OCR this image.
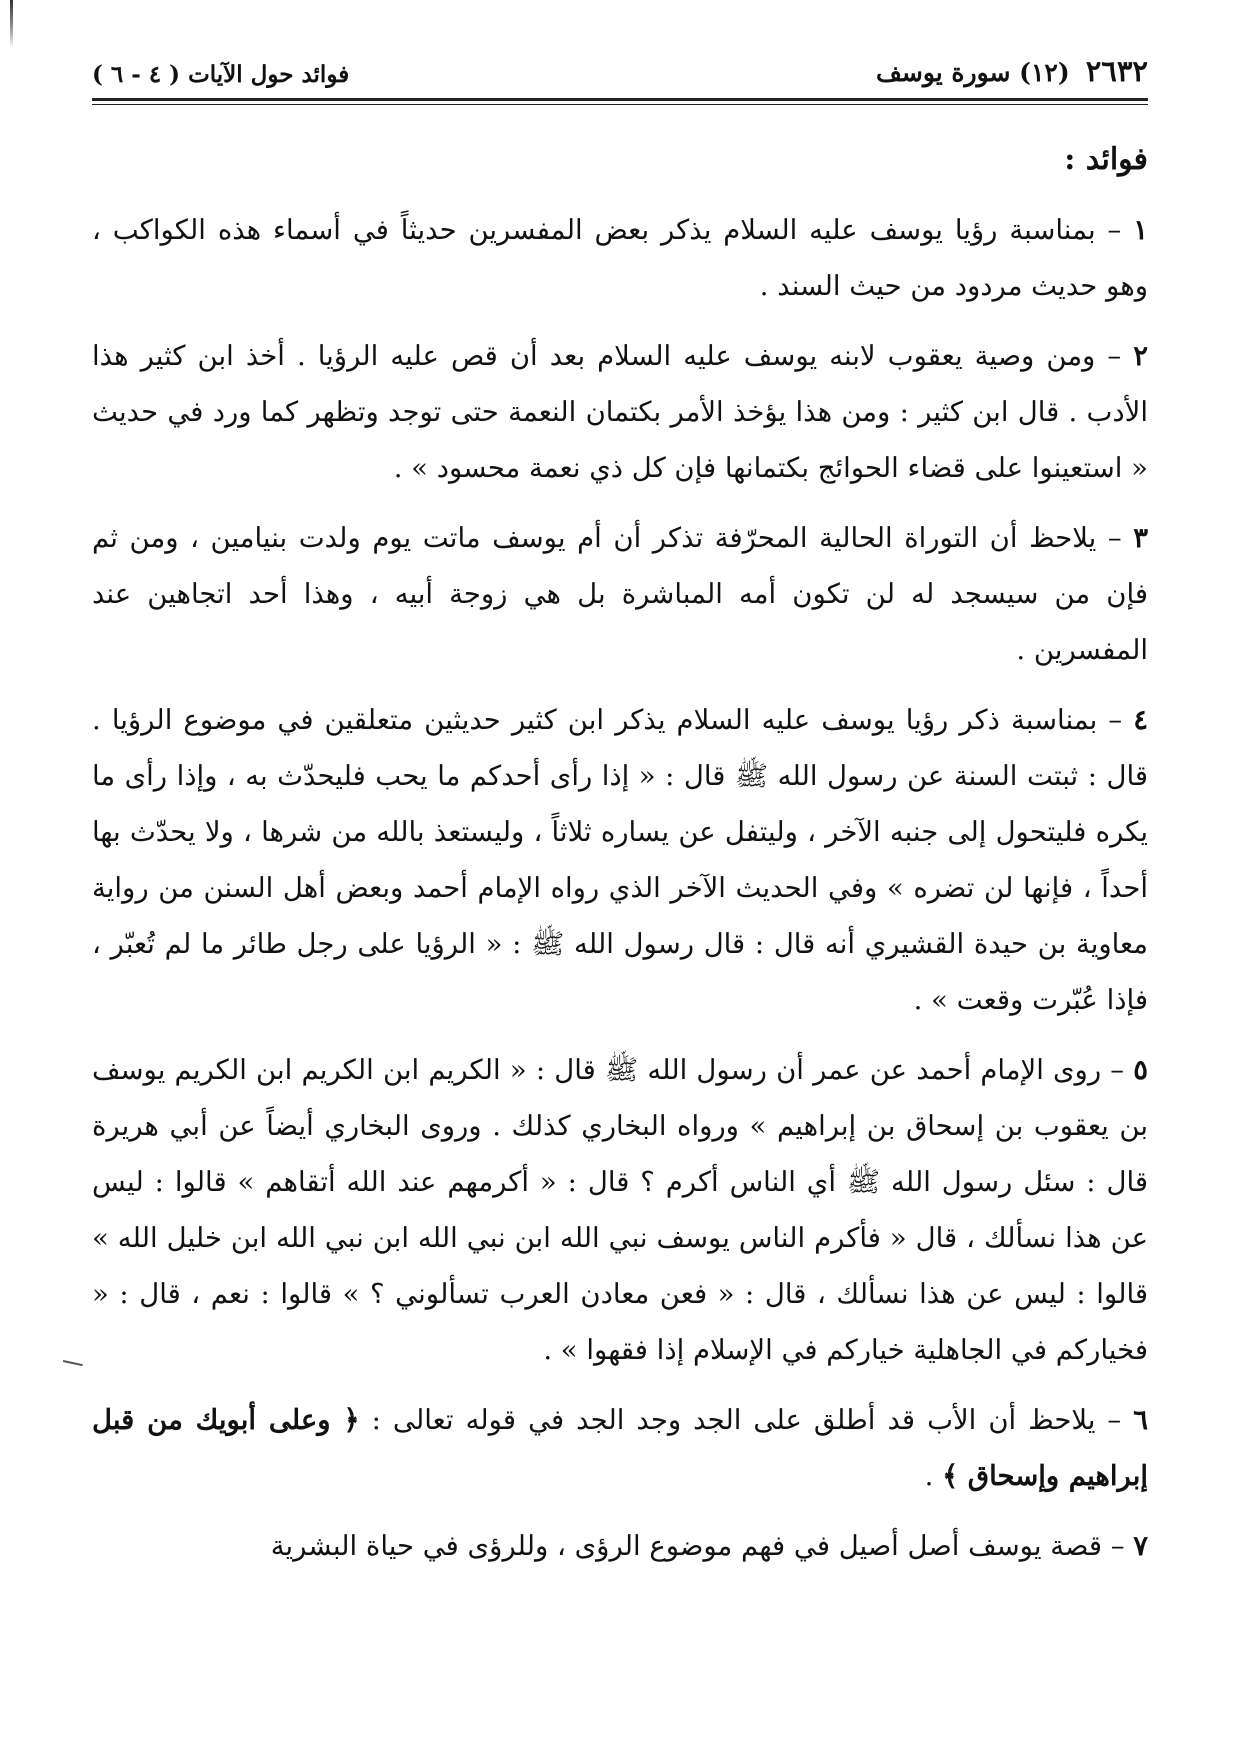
٢٦٣٢
(١٢) سورة يوسف
فوائد حول الآيات ( ٤ - ٦ )
فوائد :

١ – بمناسبة رؤيا يوسف عليه السلام يذكر بعض المفسرين حديثاً في أسماء هذه الكواكب ، وهو حديث مردود من حيث السند .

٢ – ومن وصية يعقوب لابنه يوسف عليه السلام بعد أن قص عليه الرؤيا . أخذ ابن كثير هذا الأدب . قال ابن كثير : ومن هذا يؤخذ الأمر بكتمان النعمة حتى توجد وتظهر كما ورد في حديث « استعينوا على قضاء الحوائج بكتمانها فإن كل ذي نعمة محسود » .

٣ – يلاحظ أن التوراة الحالية المحرّفة تذكر أن أم يوسف ماتت يوم ولدت بنيامين ، ومن ثم فإن من سيسجد له لن تكون أمه المباشرة بل هي زوجة أبيه ، وهذا أحد اتجاهين عند المفسرين .

٤ – بمناسبة ذكر رؤيا يوسف عليه السلام يذكر ابن كثير حديثين متعلقين في موضوع الرؤيا . قال : ثبتت السنة عن رسول الله ﷺ قال : « إذا رأى أحدكم ما يحب فليحدّث به ، وإذا رأى ما يكره فليتحول إلى جنبه الآخر ، وليتفل عن يساره ثلاثاً ، وليستعذ بالله من شرها ، ولا يحدّث بها أحداً ، فإنها لن تضره » وفي الحديث الآخر الذي رواه الإمام أحمد وبعض أهل السنن من رواية معاوية بن حيدة القشيري أنه قال : قال رسول الله ﷺ : « الرؤيا على رجل طائر ما لم تُعبّر ، فإذا عُبّرت وقعت » .

٥ – روى الإمام أحمد عن عمر أن رسول الله ﷺ قال : « الكريم ابن الكريم ابن الكريم يوسف بن يعقوب بن إسحاق بن إبراهيم » ورواه البخاري كذلك . وروى البخاري أيضاً عن أبي هريرة قال : سئل رسول الله ﷺ أي الناس أكرم ؟ قال : « أكرمهم عند الله أتقاهم » قالوا : ليس عن هذا نسألك ، قال « فأكرم الناس يوسف نبي الله ابن نبي الله ابن نبي الله ابن خليل الله » قالوا : ليس عن هذا نسألك ، قال : « فعن معادن العرب تسألوني ؟ » قالوا : نعم ، قال : « فخياركم في الجاهلية خياركم في الإسلام إذا فقهوا » .

٦ – يلاحظ أن الأب قد أطلق على الجد وجد الجد في قوله تعالى : ﴿ وعلى أبويك من قبل إبراهيم وإسحاق ﴾ .

٧ – قصة يوسف أصل أصيل في فهم موضوع الرؤى ، وللرؤى في حياة البشرية
